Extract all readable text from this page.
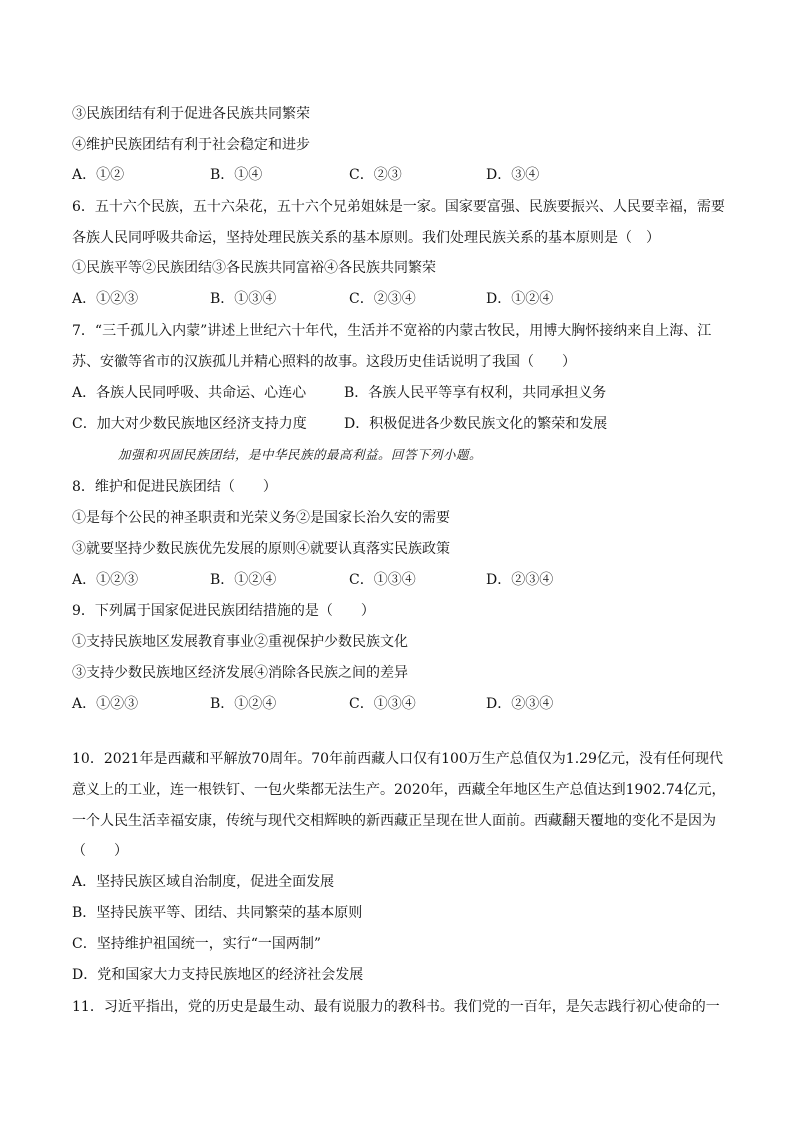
③民族团结有利于促进各民族共同繁荣
④维护民族团结有利于社会稳定和进步
A．①②	B．①④	C．②③	D．③④
6．五十六个民族，五十六朵花，五十六个兄弟姐妹是一家。国家要富强、民族要振兴、人民要幸福，需要
各族人民同呼吸共命运，坚持处理民族关系的基本原则。我们处理民族关系的基本原则是（　）
①民族平等②民族团结③各民族共同富裕④各民族共同繁荣
A．①②③	B．①③④	C．②③④	D．①②④
7．“三千孤儿入内蒙”讲述上世纪六十年代，生活并不宽裕的内蒙古牧民，用博大胸怀接纳来自上海、江
苏、安徽等省市的汉族孤儿并精心照料的故事。这段历史佳话说明了我国（　　）
A．各族人民同呼吸、共命运、心连心	B．各族人民平等享有权利，共同承担义务
C．加大对少数民族地区经济支持力度	D．积极促进各少数民族文化的繁荣和发展
加强和巩固民族团结，是中华民族的最高利益。回答下列小题。
8．维护和促进民族团结（　　）
①是每个公民的神圣职责和光荣义务②是国家长治久安的需要
③就要坚持少数民族优先发展的原则④就要认真落实民族政策
A．①②③	B．①②④	C．①③④	D．②③④
9．下列属于国家促进民族团结措施的是（　　）
①支持民族地区发展教育事业②重视保护少数民族文化
③支持少数民族地区经济发展④消除各民族之间的差异
A．①②③	B．①②④	C．①③④	D．②③④
10．2021年是西藏和平解放70周年。70年前西藏人口仅有100万生产总值仅为1.29亿元，没有任何现代
意义上的工业，连一根铁钉、一包火柴都无法生产。2020年，西藏全年地区生产总值达到1902.74亿元，
一个人民生活幸福安康，传统与现代交相辉映的新西藏正呈现在世人面前。西藏翻天覆地的变化不是因为
（　　）
A．坚持民族区域自治制度，促进全面发展
B．坚持民族平等、团结、共同繁荣的基本原则
C．坚持维护祖国统一，实行“一国两制”
D．党和国家大力支持民族地区的经济社会发展
11．习近平指出，党的历史是最生动、最有说服力的教科书。我们党的一百年，是矢志践行初心使命的一
